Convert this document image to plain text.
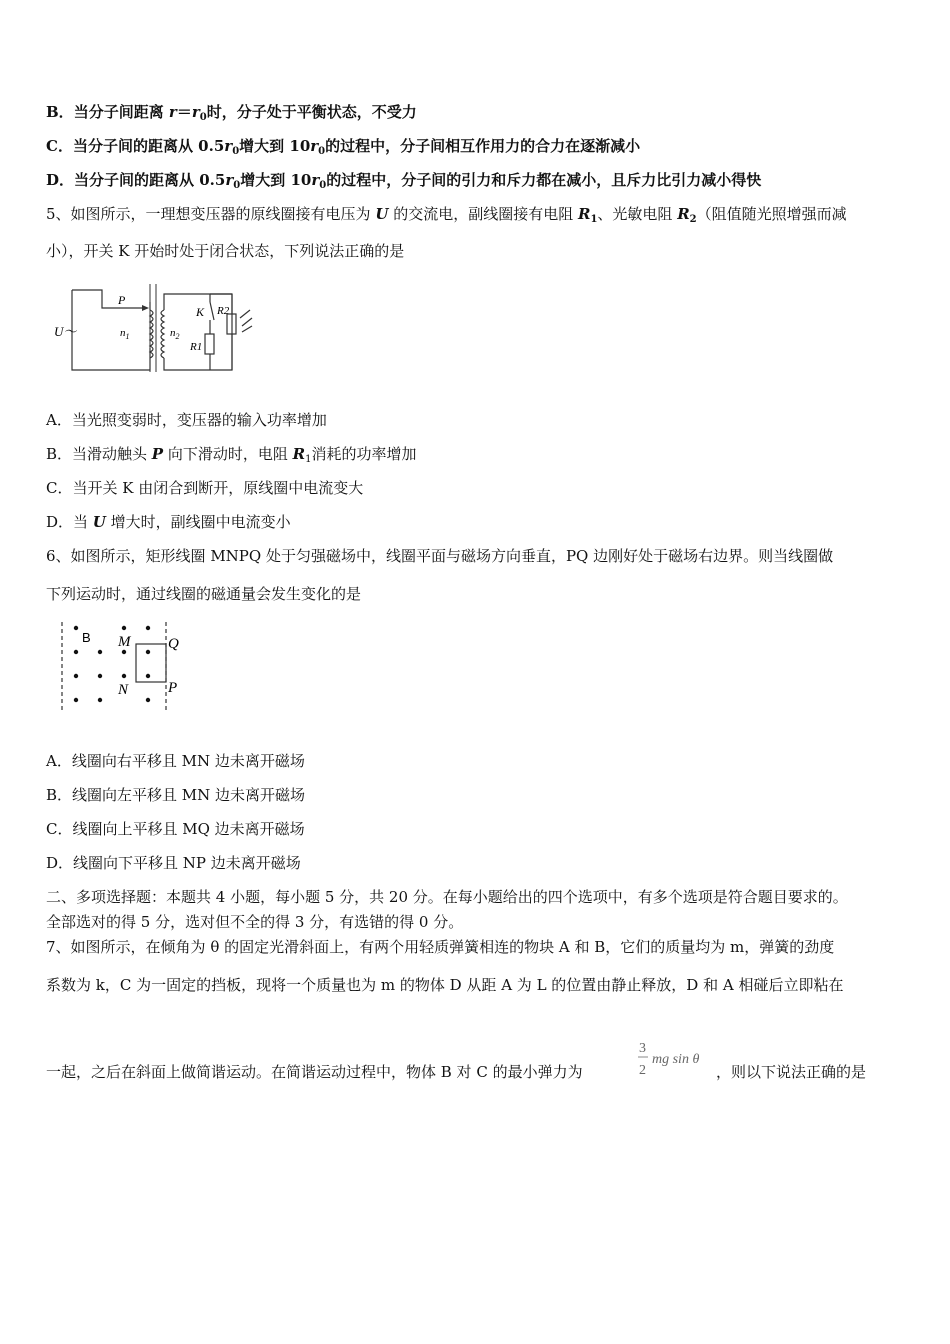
B．当分子间距离 $r=r_0$时，分子处于平衡状态，不受力
C．当分子间的距离从 $0.5r_0$增大到 $10r_0$的过程中，分子间相互作用力的合力在逐渐减小
D．当分子间的距离从 $0.5r_0$增大到 $10r_0$的过程中，分子间的引力和斥力都在减小，且斥力比引力减小得快
5、如图所示，一理想变压器的原线圈接有电压为 U 的交流电，副线圈接有电阻 $R_1$、光敏电阻 $R_2$（阻值随光照增强而减
小），开关 K 开始时处于闭合状态，下列说法正确的是
U～
P
$n_1$	$n_2$
K R2
R1
A．当光照变弱时，变压器的输入功率增加
B．当滑动触头 P 向下滑动时，电阻 $R_1$消耗的功率增加
C．当开关 K 由闭合到断开，原线圈中电流变大
D．当 U 增大时，副线圈中电流变小
6、如图所示，矩形线圈 MNPQ 处于匀强磁场中，线圈平面与磁场方向垂直，PQ 边刚好处于磁场右边界。则当线圈做
下列运动时，通过线圈的磁通量会发生变化的是
B M	Q
N	P
A．线圈向右平移且 MN 边未离开磁场
B．线圈向左平移且 MN 边未离开磁场
C．线圈向上平移且 MQ 边未离开磁场
D．线圈向下平移且 NP 边未离开磁场
二、多项选择题：本题共 4 小题，每小题 5 分，共 20 分。在每小题给出的四个选项中，有多个选项是符合题目要求的。
全部选对的得 5 分，选对但不全的得 3 分，有选错的得 0 分。
7、如图所示，在倾角为 θ 的固定光滑斜面上，有两个用轻质弹簧相连的物块 A 和 B，它们的质量均为 m，弹簧的劲度
系数为 k，C 为一固定的挡板，现将一个质量也为 m 的物体 D 从距 A 为 L 的位置由静止释放，D 和 A 相碰后立即粘在
一起，之后在斜面上做简谐运动。在简谐运动过程中，物体 B 对 C 的最小弹力为
3
2
mg sin θ
，则以下说法正确的是
